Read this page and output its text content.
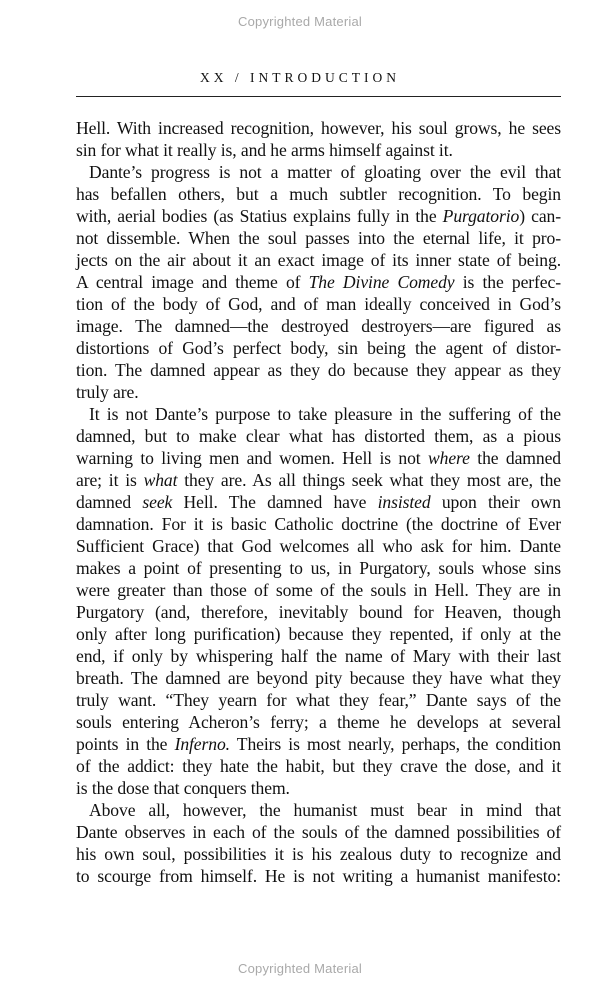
Copyrighted Material
XX / INTRODUCTION
Hell. With increased recognition, however, his soul grows, he sees
sin for what it really is, and he arms himself against it.
Dante’s progress is not a matter of gloating over the evil that
has befallen others, but a much subtler recognition. To begin
with, aerial bodies (as Statius explains fully in the Purgatorio) can-
not dissemble. When the soul passes into the eternal life, it pro-
jects on the air about it an exact image of its inner state of being.
A central image and theme of The Divine Comedy is the perfec-
tion of the body of God, and of man ideally conceived in God’s
image. The damned—the destroyed destroyers—are figured as
distortions of God’s perfect body, sin being the agent of distor-
tion. The damned appear as they do because they appear as they
truly are.
It is not Dante’s purpose to take pleasure in the suffering of the
damned, but to make clear what has distorted them, as a pious
warning to living men and women. Hell is not where the damned
are; it is what they are. As all things seek what they most are, the
damned seek Hell. The damned have insisted upon their own
damnation. For it is basic Catholic doctrine (the doctrine of Ever
Sufficient Grace) that God welcomes all who ask for him. Dante
makes a point of presenting to us, in Purgatory, souls whose sins
were greater than those of some of the souls in Hell. They are in
Purgatory (and, therefore, inevitably bound for Heaven, though
only after long purification) because they repented, if only at the
end, if only by whispering half the name of Mary with their last
breath. The damned are beyond pity because they have what they
truly want. “They yearn for what they fear,” Dante says of the
souls entering Acheron’s ferry; a theme he develops at several
points in the Inferno. Theirs is most nearly, perhaps, the condition
of the addict: they hate the habit, but they crave the dose, and it
is the dose that conquers them.
Above all, however, the humanist must bear in mind that
Dante observes in each of the souls of the damned possibilities of
his own soul, possibilities it is his zealous duty to recognize and
to scourge from himself. He is not writing a humanist manifesto:
Copyrighted Material
